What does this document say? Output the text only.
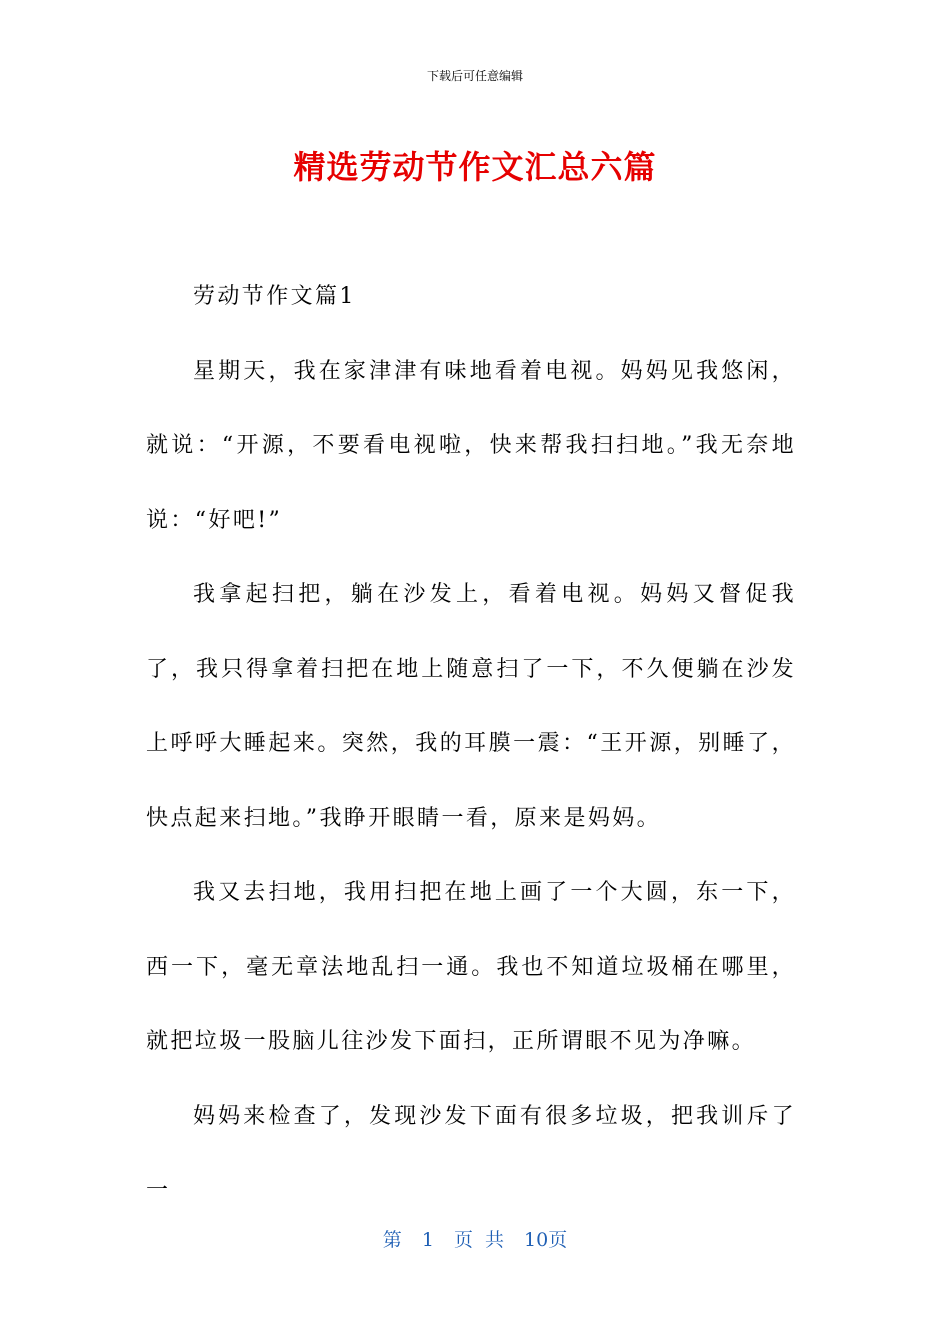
下载后可任意编辑
精选劳动节作文汇总六篇

劳动节作文篇1

星期天，我在家津津有味地看着电视。妈妈见我悠闲，就说：“开源，不要看电视啦，快来帮我扫扫地。”我无奈地说：“好吧!”

我拿起扫把，躺在沙发上，看着电视。妈妈又督促我了，我只得拿着扫把在地上随意扫了一下，不久便躺在沙发上呼呼大睡起来。突然，我的耳膜一震：“王开源，别睡了，快点起来扫地。”我睁开眼睛一看，原来是妈妈。

我又去扫地，我用扫把在地上画了一个大圆，东一下，西一下，毫无章法地乱扫一通。我也不知道垃圾桶在哪里，就把垃圾一股脑儿往沙发下面扫，正所谓眼不见为净嘛。

妈妈来检查了，发现沙发下面有很多垃圾，把我训斥了一

第 1 页 共 10页
